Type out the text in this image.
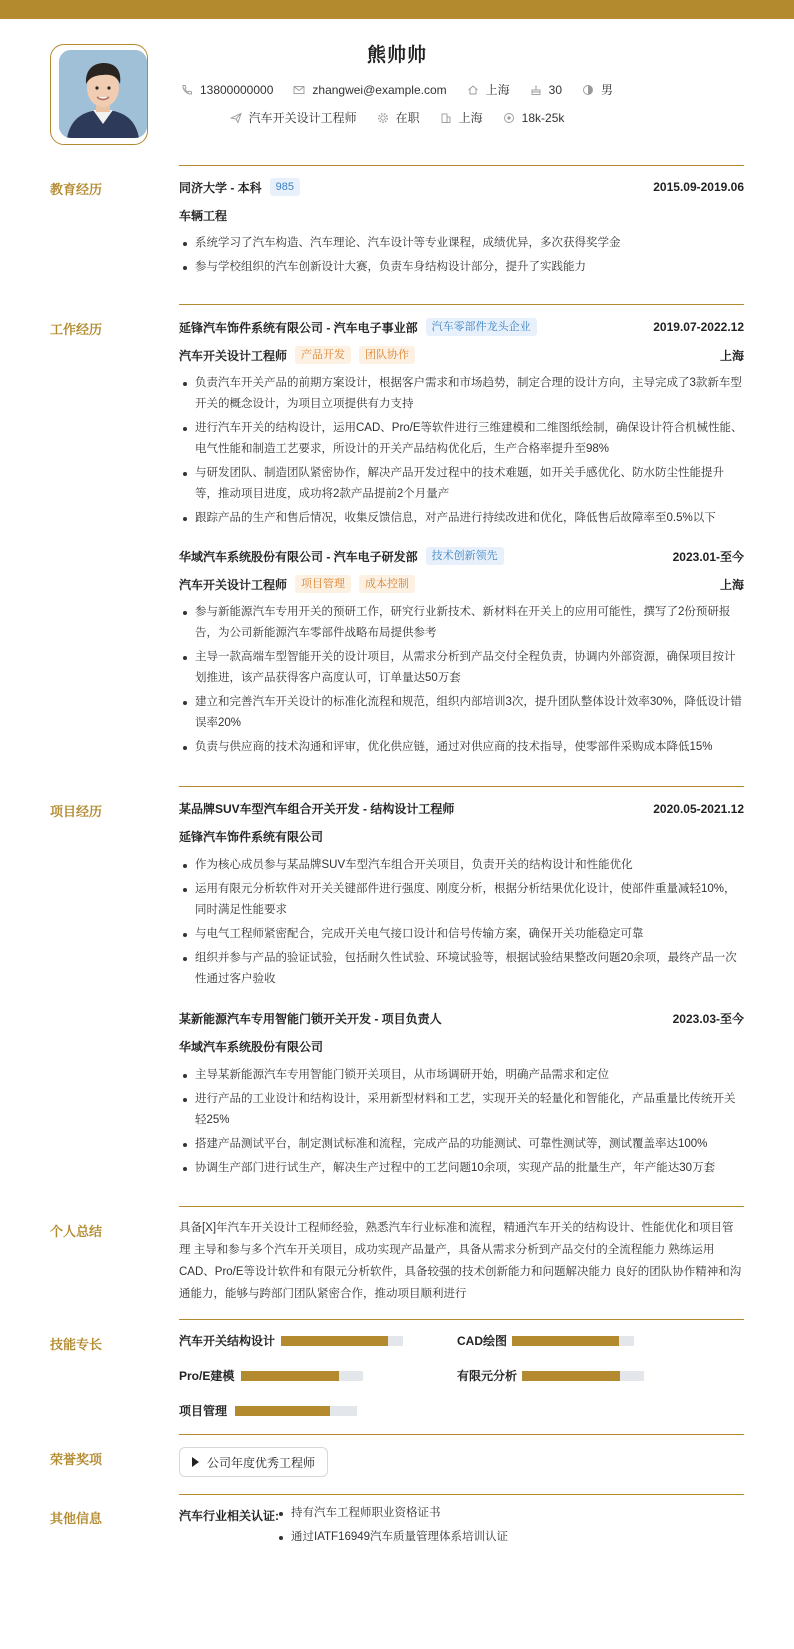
熊帅帅
13800000000	zhangwei@example.com	上海	30	男
汽车开关设计工程师	在职	上海	18k-25k
教育经历	同济大学 - 本科	985	2015.09-2019.06
车辆工程
系统学习了汽车构造、汽车理论、汽车设计等专业课程，成绩优异，多次获得奖学金
参与学校组织的汽车创新设计大赛，负责车身结构设计部分，提升了实践能力
工作经历	延锋汽车饰件系统有限公司 - 汽车电子事业部	汽车零部件龙头企业	2019.07-2022.12
汽车开关设计工程师	产品开发	团队协作	上海
负责汽车开关产品的前期方案设计，根据客户需求和市场趋势，制定合理的设计方向，主导完成了3款新车型开关的概念设计，为项目立项提供有力支持
进行汽车开关的结构设计，运用CAD、Pro/E等软件进行三维建模和二维图纸绘制，确保设计符合机械性能、电气性能和制造工艺要求，所设计的开关产品结构优化后，生产合格率提升至98%
与研发团队、制造团队紧密协作，解决产品开发过程中的技术难题，如开关手感优化、防水防尘性能提升等，推动项目进度，成功将2款产品提前2个月量产
跟踪产品的生产和售后情况，收集反馈信息，对产品进行持续改进和优化，降低售后故障率至0.5%以下
华域汽车系统股份有限公司 - 汽车电子研发部	技术创新领先	2023.01-至今
汽车开关设计工程师	项目管理	成本控制	上海
参与新能源汽车专用开关的预研工作，研究行业新技术、新材料在开关上的应用可能性，撰写了2份预研报告，为公司新能源汽车零部件战略布局提供参考
主导一款高端车型智能开关的设计项目，从需求分析到产品交付全程负责，协调内外部资源，确保项目按计划推进，该产品获得客户高度认可，订单量达50万套
建立和完善汽车开关设计的标准化流程和规范，组织内部培训3次，提升团队整体设计效率30%，降低设计错误率20%
负责与供应商的技术沟通和评审，优化供应链，通过对供应商的技术指导，使零部件采购成本降低15%
项目经历	某品牌SUV车型汽车组合开关开发 - 结构设计工程师	2020.05-2021.12
延锋汽车饰件系统有限公司
作为核心成员参与某品牌SUV车型汽车组合开关项目，负责开关的结构设计和性能优化
运用有限元分析软件对开关关键部件进行强度、刚度分析，根据分析结果优化设计，使部件重量减轻10%，同时满足性能要求
与电气工程师紧密配合，完成开关电气接口设计和信号传输方案，确保开关功能稳定可靠
组织并参与产品的验证试验，包括耐久性试验、环境试验等，根据试验结果整改问题20余项，最终产品一次性通过客户验收
某新能源汽车专用智能门锁开关开发 - 项目负责人	2023.03-至今
华域汽车系统股份有限公司
主导某新能源汽车专用智能门锁开关项目，从市场调研开始，明确产品需求和定位
进行产品的工业设计和结构设计，采用新型材料和工艺，实现开关的轻量化和智能化，产品重量比传统开关轻25%
搭建产品测试平台，制定测试标准和流程，完成产品的功能测试、可靠性测试等，测试覆盖率达100%
协调生产部门进行试生产，解决生产过程中的工艺问题10余项，实现产品的批量生产，年产能达30万套
个人总结	具备[X]年汽车开关设计工程师经验，熟悉汽车行业标准和流程，精通汽车开关的结构设计、性能优化和项目管理 主导和参与多个汽车开关项目，成功实现产品量产，具备从需求分析到产品交付的全流程能力 熟练运用CAD、Pro/E等设计软件和有限元分析软件，具备较强的技术创新能力和问题解决能力 良好的团队协作精神和沟通能力，能够与跨部门团队紧密合作，推动项目顺利进行
技能专长	汽车开关结构设计	CAD绘图
Pro/E建模	有限元分析
项目管理
荣誉奖项	公司年度优秀工程师
其他信息	汽车行业相关认证:	持有汽车工程师职业资格证书
通过IATF16949汽车质量管理体系培训认证
